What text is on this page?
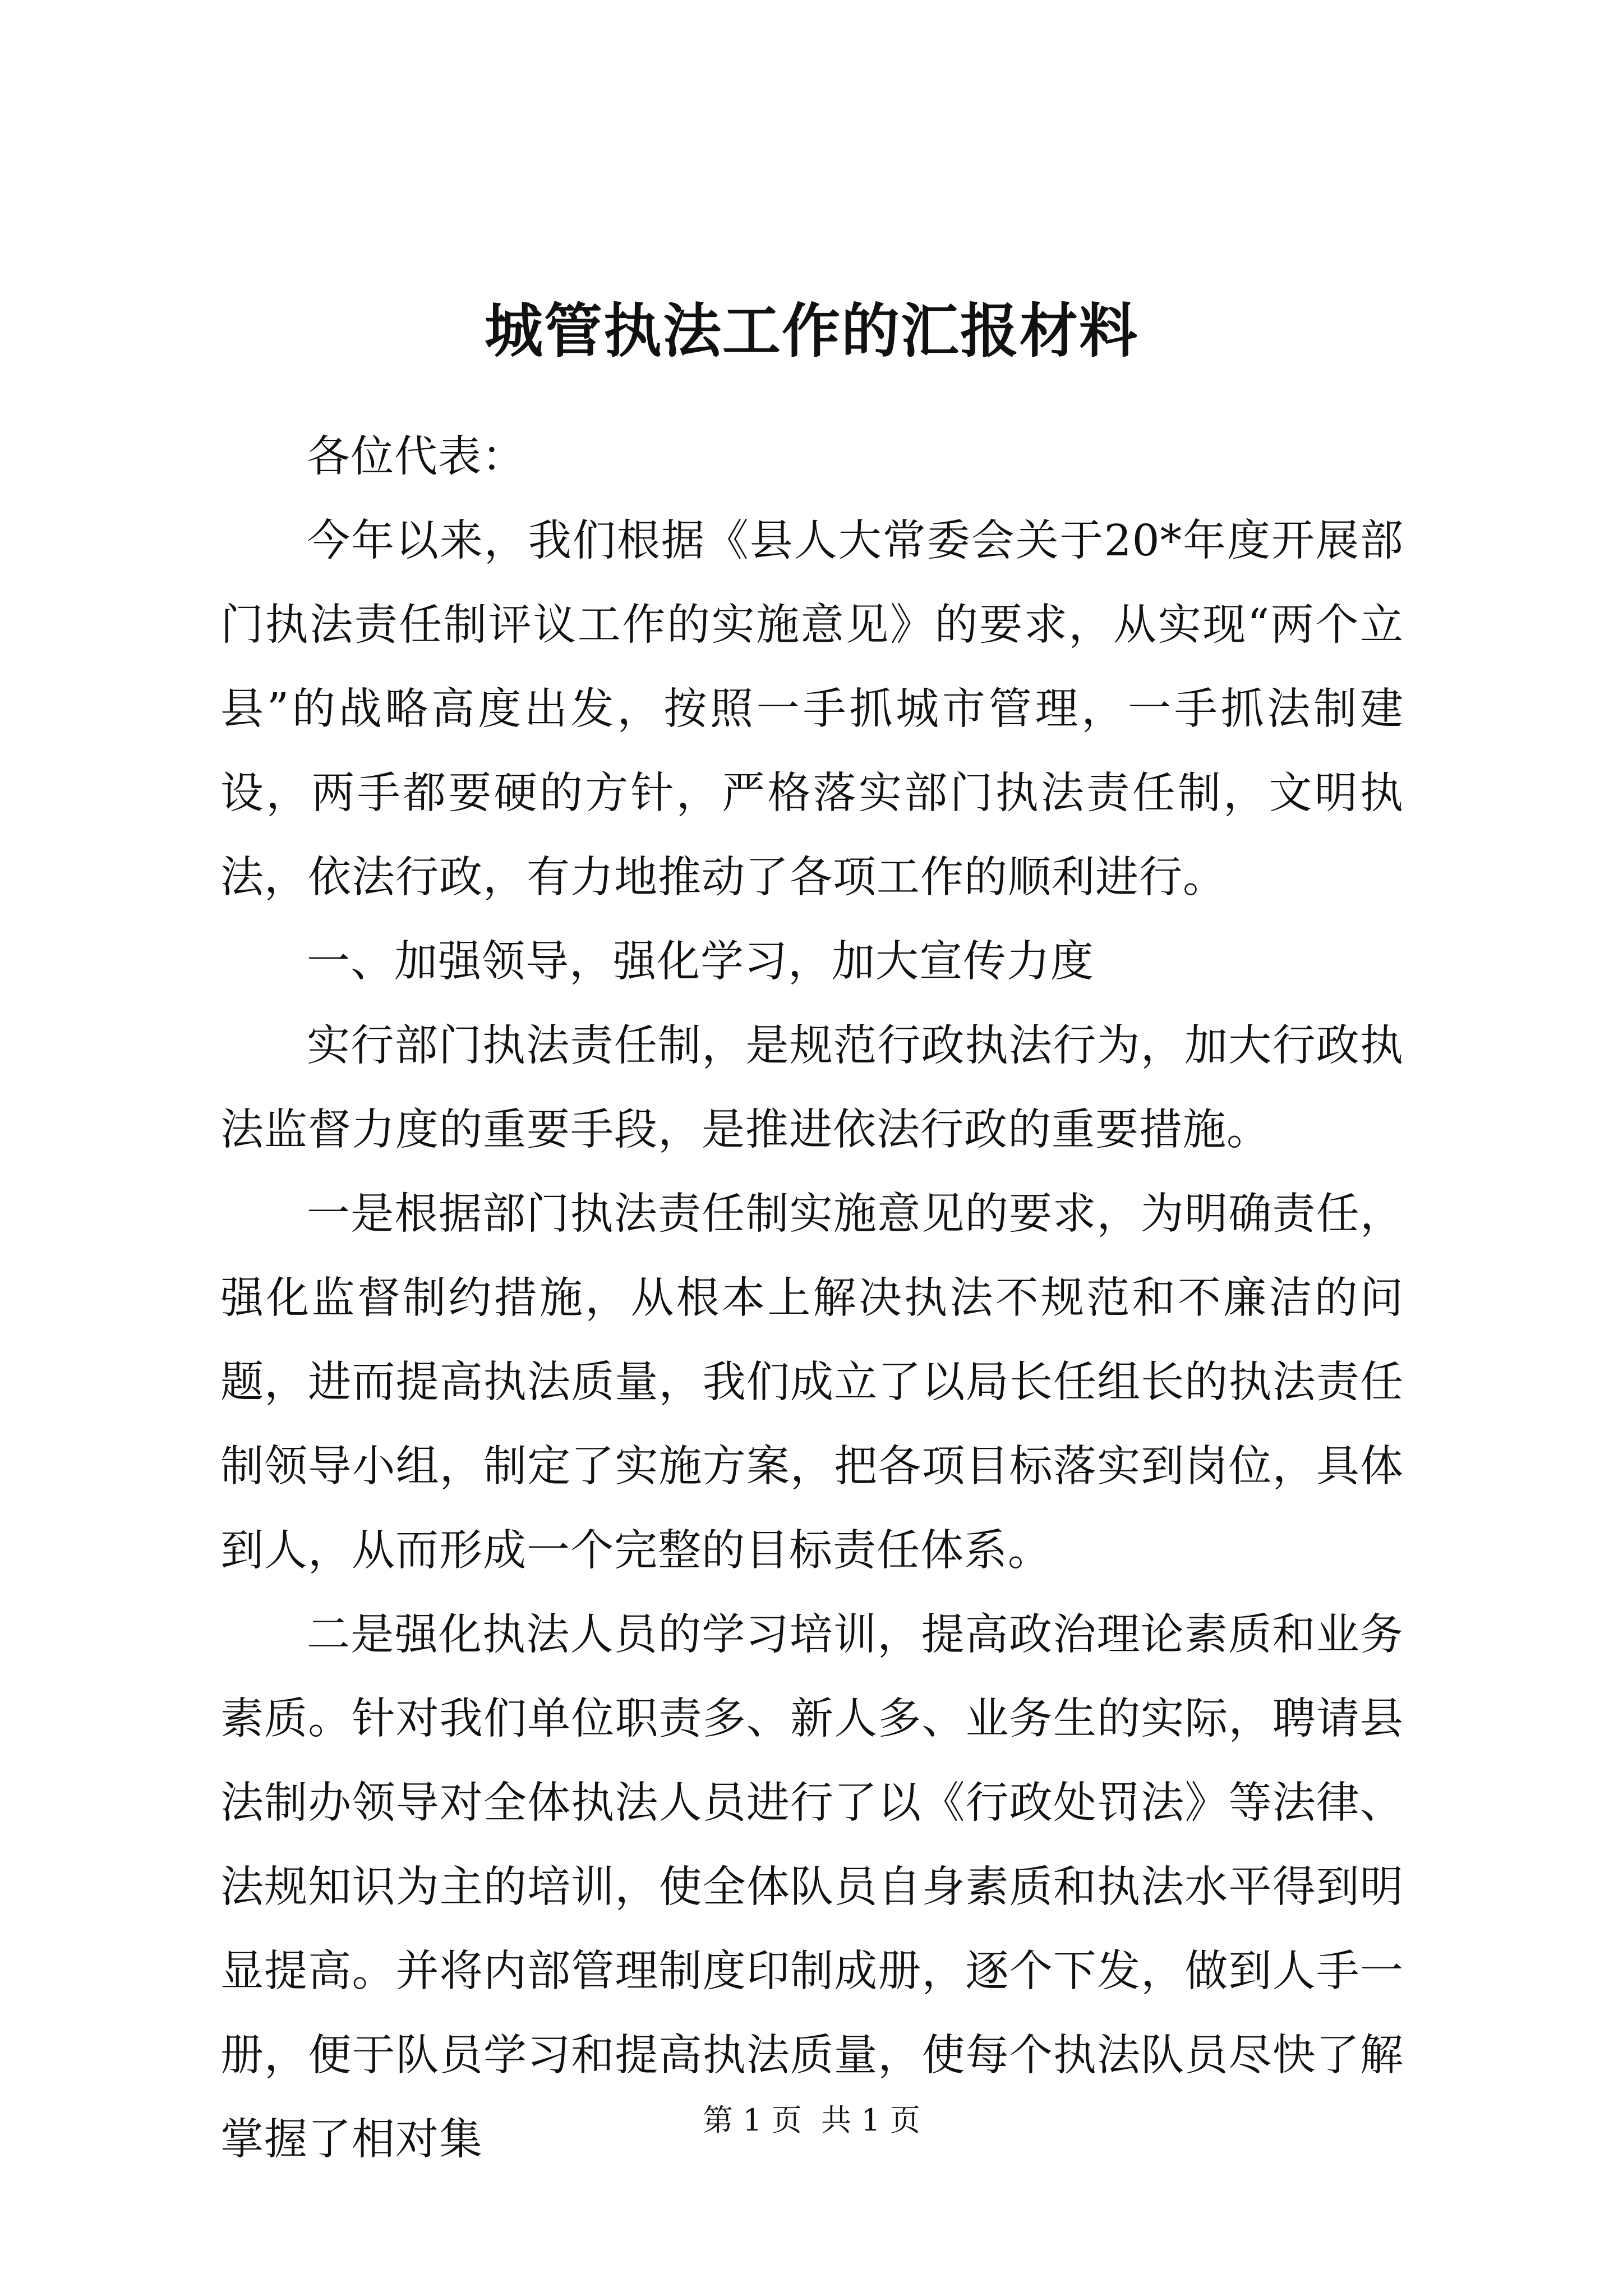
城管执法工作的汇报材料

各位代表：

今年以来，我们根据《县人大常委会关于20*年度开展部门执法责任制评议工作的实施意见》的要求，从实现“两个立县”的战略高度出发，按照一手抓城市管理，一手抓法制建设，两手都要硬的方针，严格落实部门执法责任制，文明执法，依法行政，有力地推动了各项工作的顺利进行。

一、加强领导，强化学习，加大宣传力度

实行部门执法责任制，是规范行政执法行为，加大行政执法监督力度的重要手段，是推进依法行政的重要措施。

一是根据部门执法责任制实施意见的要求，为明确责任，强化监督制约措施，从根本上解决执法不规范和不廉洁的问题，进而提高执法质量，我们成立了以局长任组长的执法责任制领导小组，制定了实施方案，把各项目标落实到岗位，具体到人，从而形成一个完整的目标责任体系。

二是强化执法人员的学习培训，提高政治理论素质和业务素质。针对我们单位职责多、新人多、业务生的实际，聘请县法制办领导对全体执法人员进行了以《行政处罚法》等法律、法规知识为主的培训，使全体队员自身素质和执法水平得到明显提高。并将内部管理制度印制成册，逐个下发，做到人手一册，便于队员学习和提高执法质量，使每个执法队员尽快了解掌握了相对集	第 1 页  共 1 页
